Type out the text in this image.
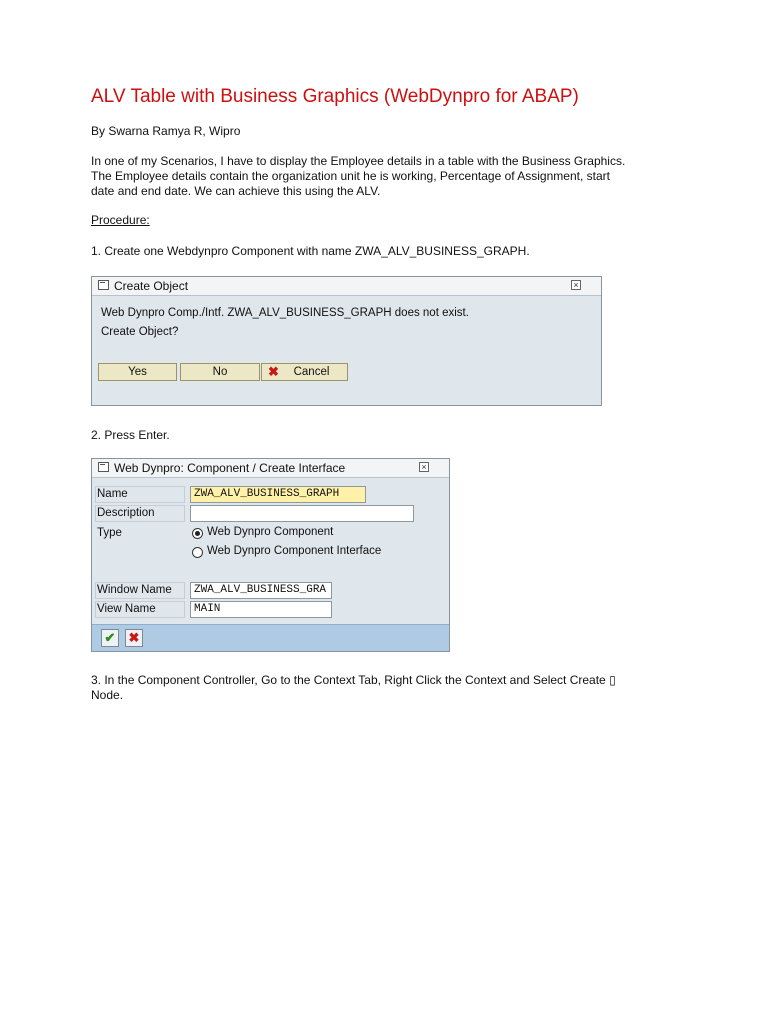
ALV Table with Business Graphics (WebDynpro for ABAP)
By Swarna Ramya R, Wipro
In one of my Scenarios, I have to display the Employee details in a table with the Business Graphics.
The Employee details contain the organization unit he is working, Percentage of Assignment, start
date and end date. We can achieve this using the ALV.
Procedure:
1. Create one Webdynpro Component with name ZWA_ALV_BUSINESS_GRAPH.
Create Object	×
Web Dynpro Comp./Intf. ZWA_ALV_BUSINESS_GRAPH does not exist.
Create Object?
Yes	No	✖ Cancel
2. Press Enter.
Web Dynpro: Component / Create Interface	×
Name	ZWA_ALV_BUSINESS_GRAPH
Description
Type	Web Dynpro Component
Web Dynpro Component Interface
Window Name	ZWA_ALV_BUSINESS_GRA
View Name	MAIN
✔ ✖
3. In the Component Controller, Go to the Context Tab, Right Click the Context and Select Create ▯
Node.
